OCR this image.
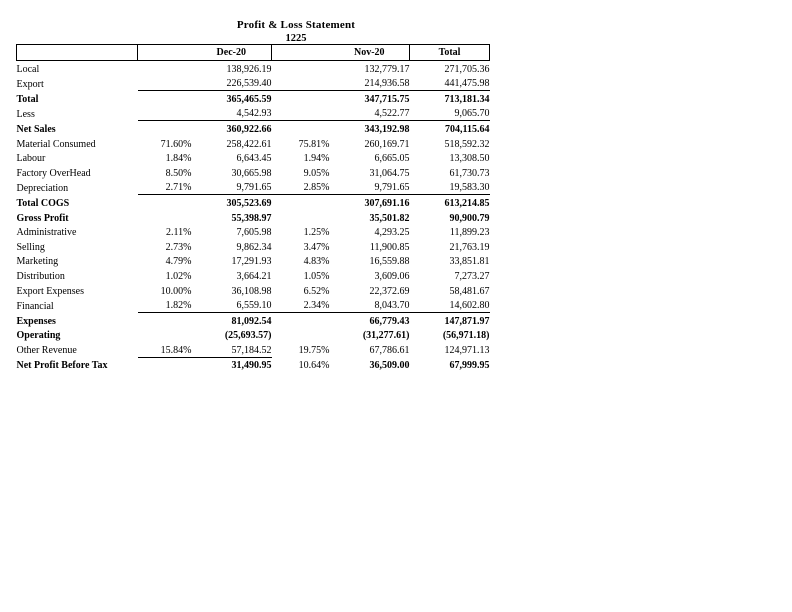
Profit & Loss Statement
1225
		Dec-20		Nov-20	Total
Local		138,926.19		132,779.17	271,705.36
Export		226,539.40		214,936.58	441,475.98
Total		365,465.59		347,715.75	713,181.34
Less		4,542.93		4,522.77	9,065.70
Net Sales		360,922.66		343,192.98	704,115.64
Material Consumed	71.60%	258,422.61	75.81%	260,169.71	518,592.32
Labour	1.84%	6,643.45	1.94%	6,665.05	13,308.50
Factory OverHead	8.50%	30,665.98	9.05%	31,064.75	61,730.73
Depreciation	2.71%	9,791.65	2.85%	9,791.65	19,583.30
Total COGS		305,523.69		307,691.16	613,214.85
Gross Profit		55,398.97		35,501.82	90,900.79
Administrative	2.11%	7,605.98	1.25%	4,293.25	11,899.23
Selling	2.73%	9,862.34	3.47%	11,900.85	21,763.19
Marketing	4.79%	17,291.93	4.83%	16,559.88	33,851.81
Distribution	1.02%	3,664.21	1.05%	3,609.06	7,273.27
Export Expenses	10.00%	36,108.98	6.52%	22,372.69	58,481.67
Financial	1.82%	6,559.10	2.34%	8,043.70	14,602.80
Expenses		81,092.54		66,779.43	147,871.97
Operating		(25,693.57)		(31,277.61)	(56,971.18)
Other Revenue	15.84%	57,184.52	19.75%	67,786.61	124,971.13
Net Profit Before Tax		31,490.95	10.64%	36,509.00	67,999.95
